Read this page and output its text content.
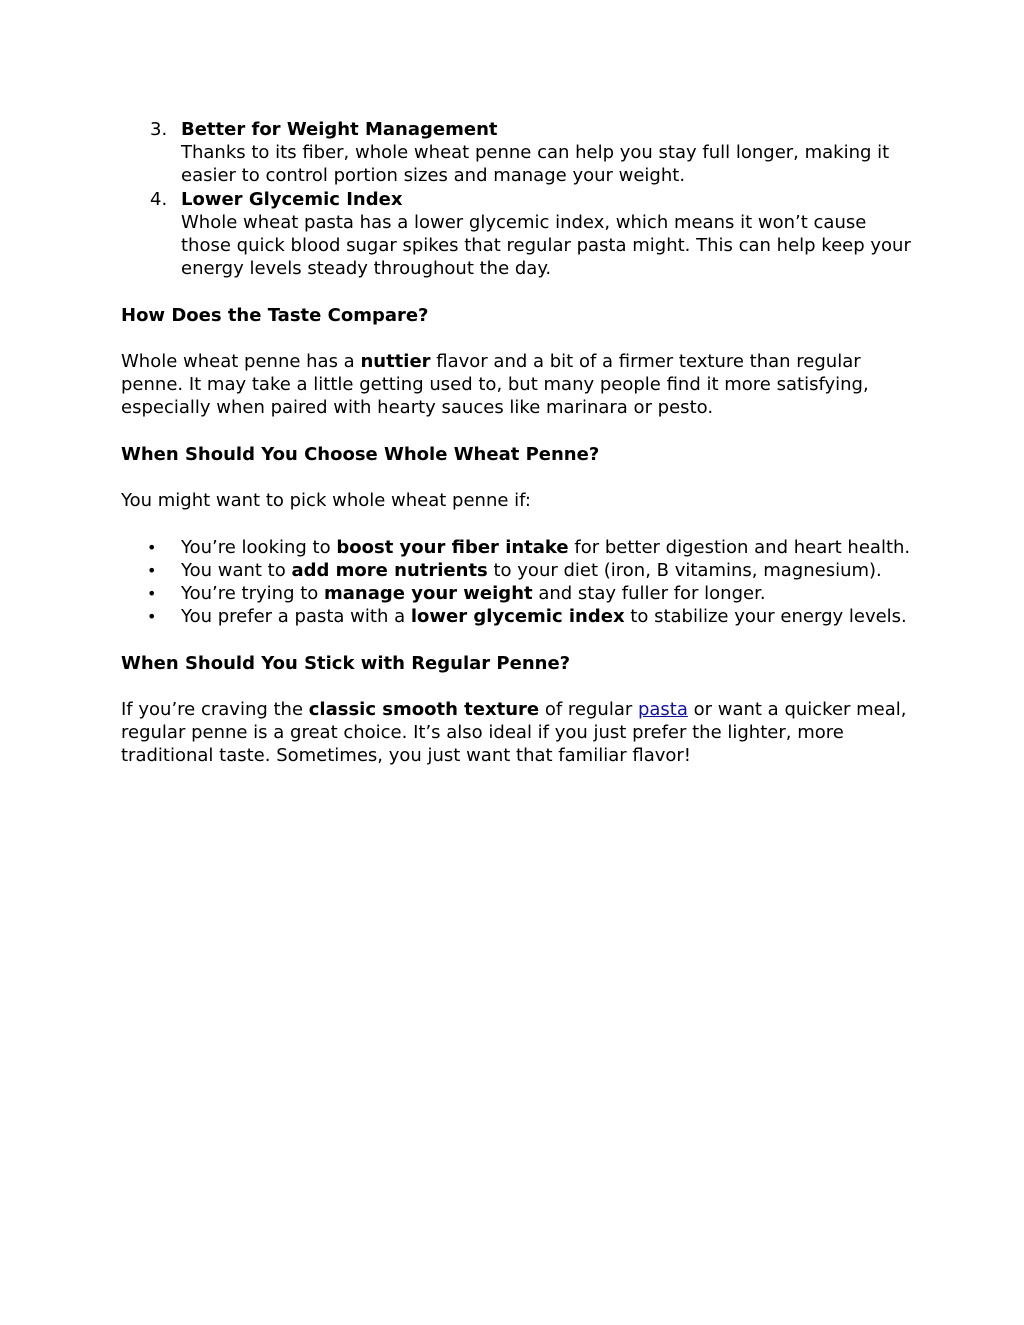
3. Better for Weight Management

Thanks to its fiber, whole wheat penne can help you stay full longer, making it easier to control portion sizes and manage your weight.

4. Lower Glycemic Index

Whole wheat pasta has a lower glycemic index, which means it won’t cause those quick blood sugar spikes that regular pasta might. This can help keep your energy levels steady throughout the day.

How Does the Taste Compare?

Whole wheat penne has a nuttier flavor and a bit of a firmer texture than regular penne. It may take a little getting used to, but many people find it more satisfying, especially when paired with hearty sauces like marinara or pesto.

When Should You Choose Whole Wheat Penne?

You might want to pick whole wheat penne if:

• You’re looking to boost your fiber intake for better digestion and heart health.

• You want to add more nutrients to your diet (iron, B vitamins, magnesium).

• You’re trying to manage your weight and stay fuller for longer.

• You prefer a pasta with a lower glycemic index to stabilize your energy levels.

When Should You Stick with Regular Penne?

If you’re craving the classic smooth texture of regular pasta or want a quicker meal, regular penne is a great choice. It’s also ideal if you just prefer the lighter, more traditional taste. Sometimes, you just want that familiar flavor!
